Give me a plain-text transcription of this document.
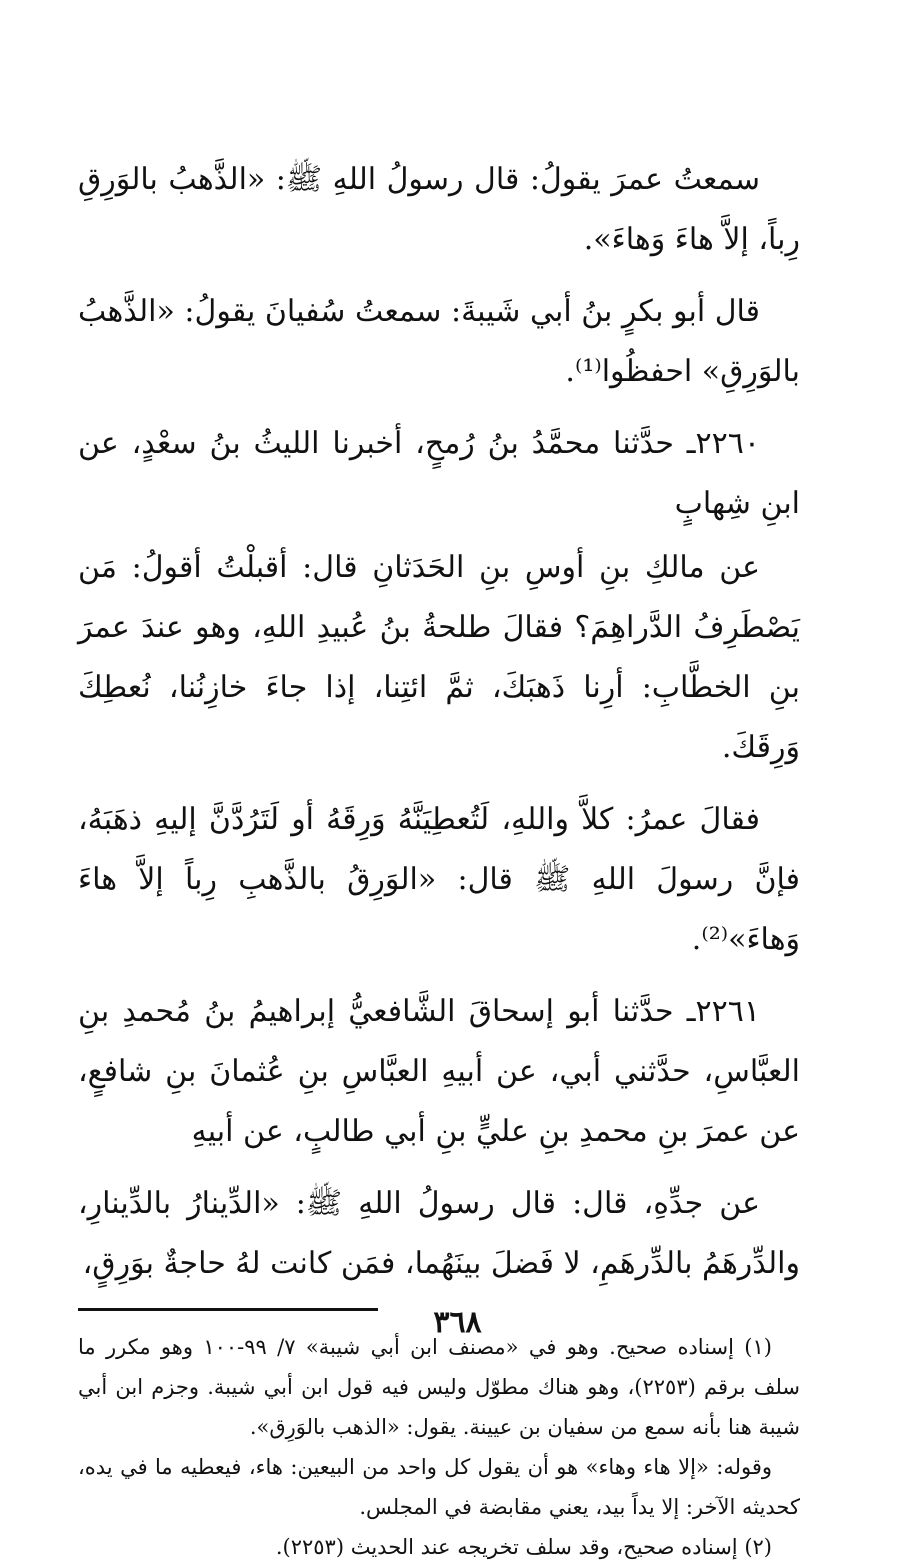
سمعتُ عمرَ يقولُ: قال رسولُ اللهِ ﷺ: «الذَّهبُ بالوَرِقِ رِباً، إلاَّ هاءَ وَهاءَ».

قال أبو بكرٍ بنُ أبي شَيبةَ: سمعتُ سُفيانَ يقولُ: «الذَّهبُ بالوَرِقِ» احفظُوا⁽¹⁾.

٢٢٦٠ـ حدَّثنا محمَّدُ بنُ رُمحٍ، أخبرنا الليثُ بنُ سعْدٍ، عن ابنِ شِهابٍ

عن مالكِ بنِ أوسِ بنِ الحَدَثانِ قال: أقبلْتُ أقولُ: مَن يَصْطَرِفُ الدَّراهِمَ؟ فقالَ طلحةُ بنُ عُبيدِ اللهِ، وهو عندَ عمرَ بنِ الخطَّابِ: أرِنا ذَهبَكَ، ثمَّ ائتِنا، إذا جاءَ خازِنُنا، نُعطِكَ وَرِقَكَ.

فقالَ عمرُ: كلاَّ واللهِ، لَتُعطِيَنَّهُ وَرِقَهُ أو لَتَرُدَّنَّ إليهِ ذهَبَهُ، فإنَّ رسولَ اللهِ ﷺ قال: «الوَرِقُ بالذَّهبِ رِباً إلاَّ هاءَ وَهاءَ»⁽²⁾.

٢٢٦١ـ حدَّثنا أبو إسحاقَ الشَّافعيُّ إبراهيمُ بنُ مُحمدِ بنِ العبَّاسِ، حدَّثني أبي، عن أبيهِ العبَّاسِ بنِ عُثمانَ بنِ شافعٍ، عن عمرَ بنِ محمدِ بنِ عليٍّ بنِ أبي طالبٍ، عن أبيهِ

عن جدِّهِ، قال: قال رسولُ اللهِ ﷺ: «الدِّينارُ بالدِّينارِ، والدِّرهَمُ بالدِّرهَمِ، لا فَضلَ بينَهُما، فمَن كانت لهُ حاجةٌ بوَرِقٍ،

(١) إسناده صحيح. وهو في «مصنف ابن أبي شيبة» ٧/ ٩٩-١٠٠ وهو مكرر ما سلف برقم (٢٢٥٣)، وهو هناك مطوّل وليس فيه قول ابن أبي شيبة. وجزم ابن أبي شيبة هنا بأنه سمع من سفيان بن عيينة. يقول: «الذهب بالوَرِق».

وقوله: «إلا هاء وهاء» هو أن يقول كل واحد من البيعين: هاء، فيعطيه ما في يده، كحديثه الآخر: إلا يداً بيد، يعني مقابضة في المجلس.

(٢) إسناده صحيح، وقد سلف تخريجه عند الحديث (٢٢٥٣).

٣٦٨
